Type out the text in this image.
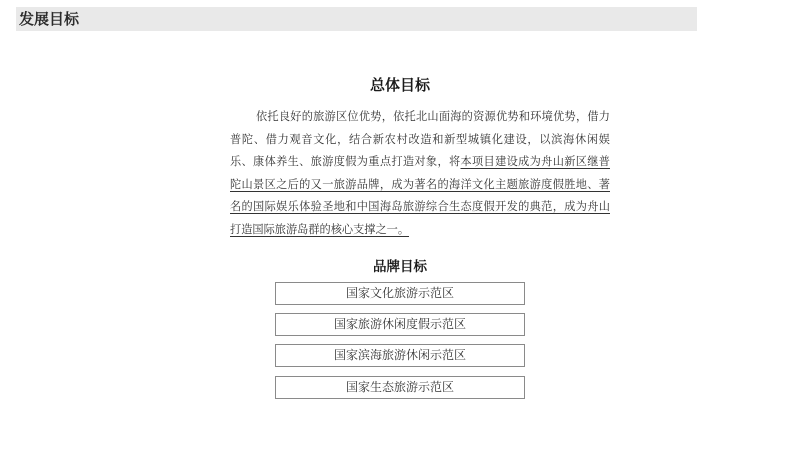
发展目标
总体目标

依托良好的旅游区位优势，依托北山面海的资源优势和环境优势，借力普陀、借力观音文化，结合新农村改造和新型城镇化建设，以滨海休闲娱乐、康体养生、旅游度假为重点打造对象，将本项目建设成为舟山新区继普陀山景区之后的又一旅游品牌，成为著名的海洋文化主题旅游度假胜地、著名的国际娱乐体验圣地和中国海岛旅游综合生态度假开发的典范，成为舟山打造国际旅游岛群的核心支撑之一。

品牌目标
国家文化旅游示范区
国家旅游休闲度假示范区
国家滨海旅游休闲示范区
国家生态旅游示范区
